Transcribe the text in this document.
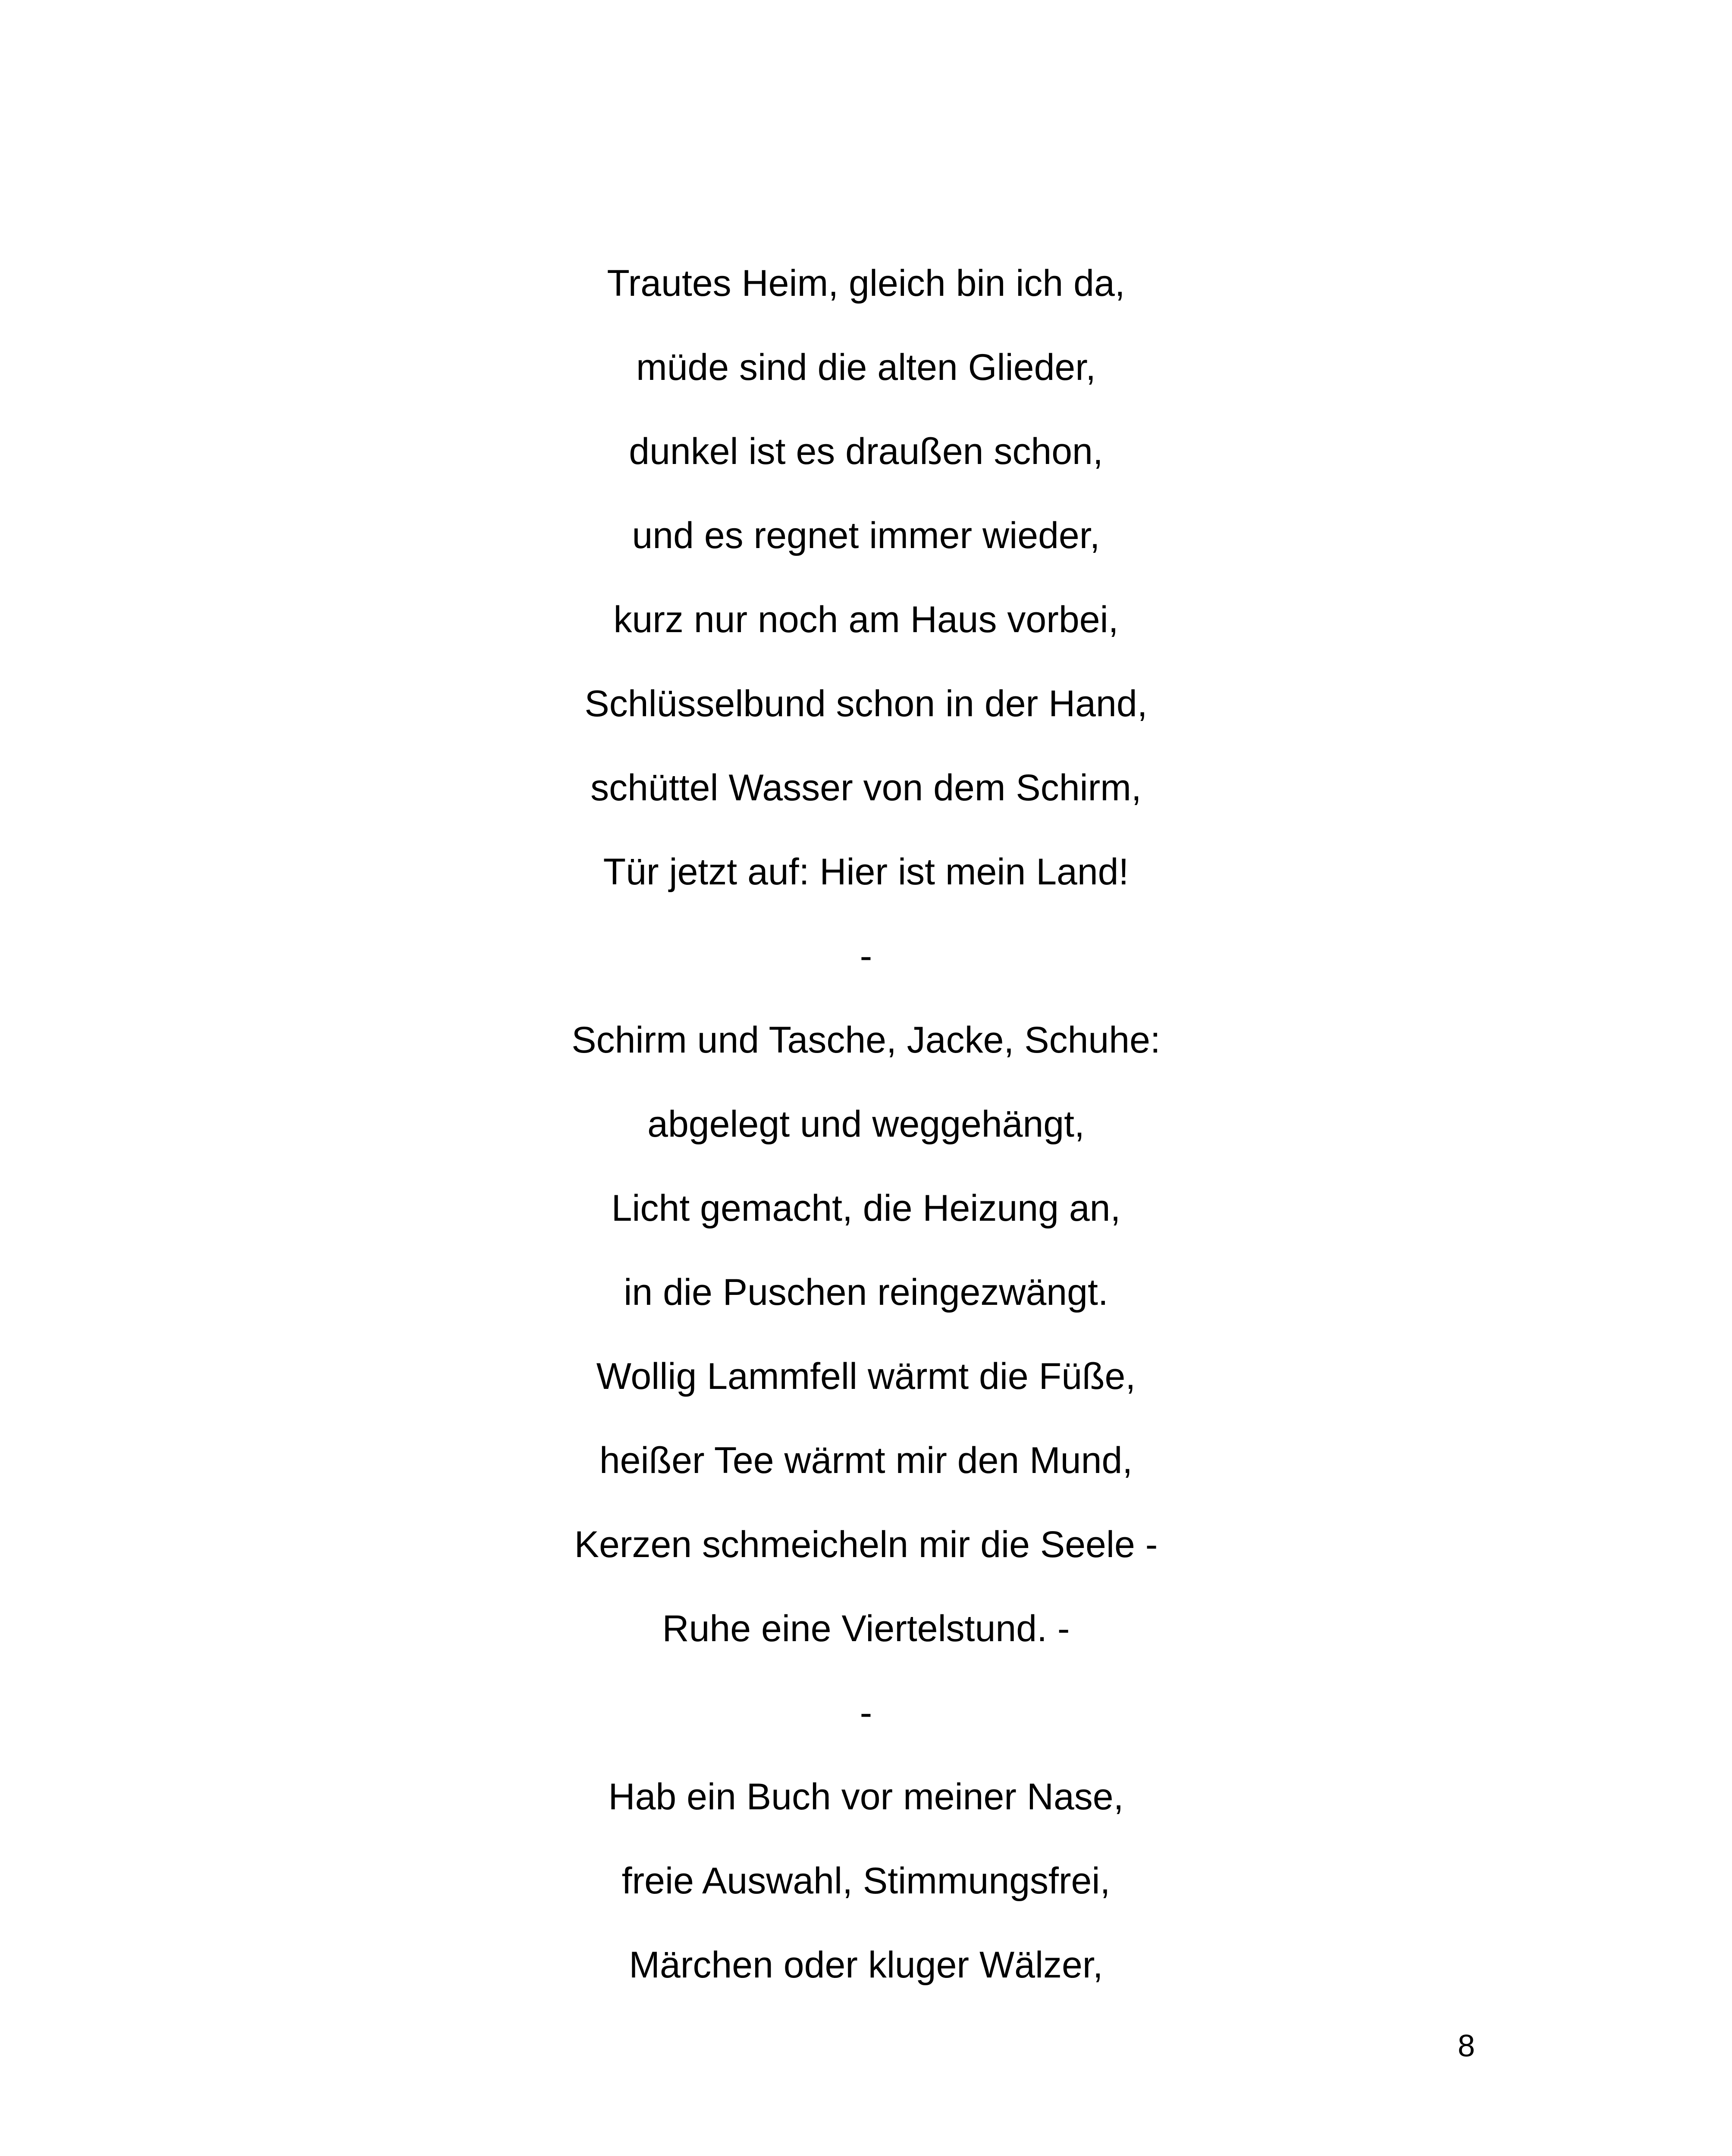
Trautes Heim, gleich bin ich da,
müde sind die alten Glieder,
dunkel ist es draußen schon,
und es regnet immer wieder,
kurz nur noch am Haus vorbei,
Schlüsselbund schon in der Hand,
schüttel Wasser von dem Schirm,
Tür jetzt auf: Hier ist mein Land!
-
Schirm und Tasche, Jacke, Schuhe:
abgelegt und weggehängt,
Licht gemacht, die Heizung an,
in die Puschen reingezwängt.
Wollig Lammfell wärmt die Füße,
heißer Tee wärmt mir den Mund,
Kerzen schmeicheln mir die Seele -
Ruhe eine Viertelstund. -
-
Hab ein Buch vor meiner Nase,
freie Auswahl, Stimmungsfrei,
Märchen oder kluger Wälzer,
8
